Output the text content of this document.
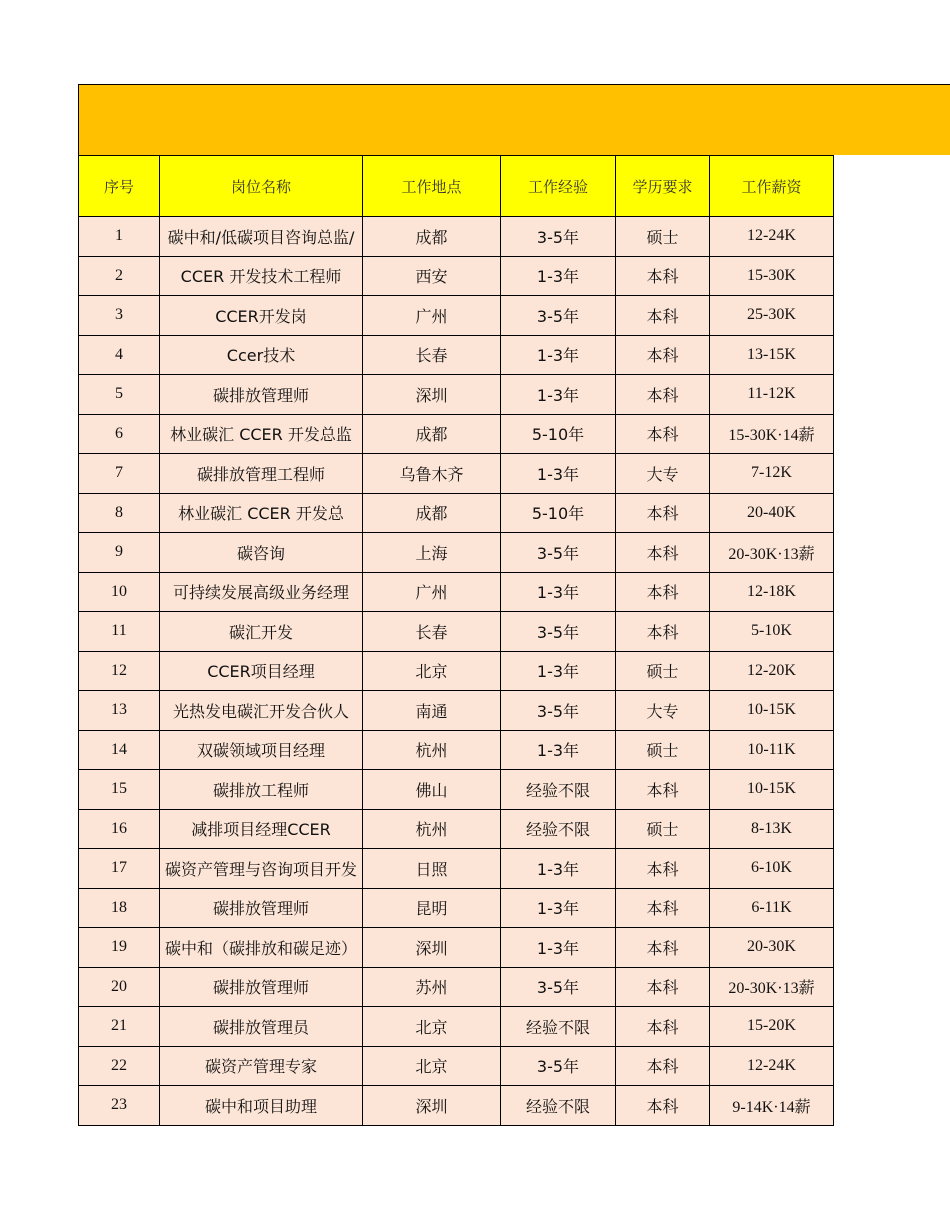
序号	岗位名称	工作地点	工作经验	学历要求	工作薪资
1	碳中和/低碳项目咨询总监/	成都	3-5年	硕士	12-24K
2	CCER 开发技术工程师	西安	1-3年	本科	15-30K
3	CCER开发岗	广州	3-5年	本科	25-30K
4	Ccer技术	长春	1-3年	本科	13-15K
5	碳排放管理师	深圳	1-3年	本科	11-12K
6	林业碳汇 CCER 开发总监	成都	5-10年	本科	15-30K·14薪
7	碳排放管理工程师	乌鲁木齐	1-3年	大专	7-12K
8	林业碳汇 CCER 开发总	成都	5-10年	本科	20-40K
9	碳咨询	上海	3-5年	本科	20-30K·13薪
10	可持续发展高级业务经理	广州	1-3年	本科	12-18K
11	碳汇开发	长春	3-5年	本科	5-10K
12	CCER项目经理	北京	1-3年	硕士	12-20K
13	光热发电碳汇开发合伙人	南通	3-5年	大专	10-15K
14	双碳领域项目经理	杭州	1-3年	硕士	10-11K
15	碳排放工程师	佛山	经验不限	本科	10-15K
16	减排项目经理CCER	杭州	经验不限	硕士	8-13K
17	碳资产管理与咨询项目开发	日照	1-3年	本科	6-10K
18	碳排放管理师	昆明	1-3年	本科	6-11K
19	碳中和（碳排放和碳足迹）	深圳	1-3年	本科	20-30K
20	碳排放管理师	苏州	3-5年	本科	20-30K·13薪
21	碳排放管理员	北京	经验不限	本科	15-20K
22	碳资产管理专家	北京	3-5年	本科	12-24K
23	碳中和项目助理	深圳	经验不限	本科	9-14K·14薪
